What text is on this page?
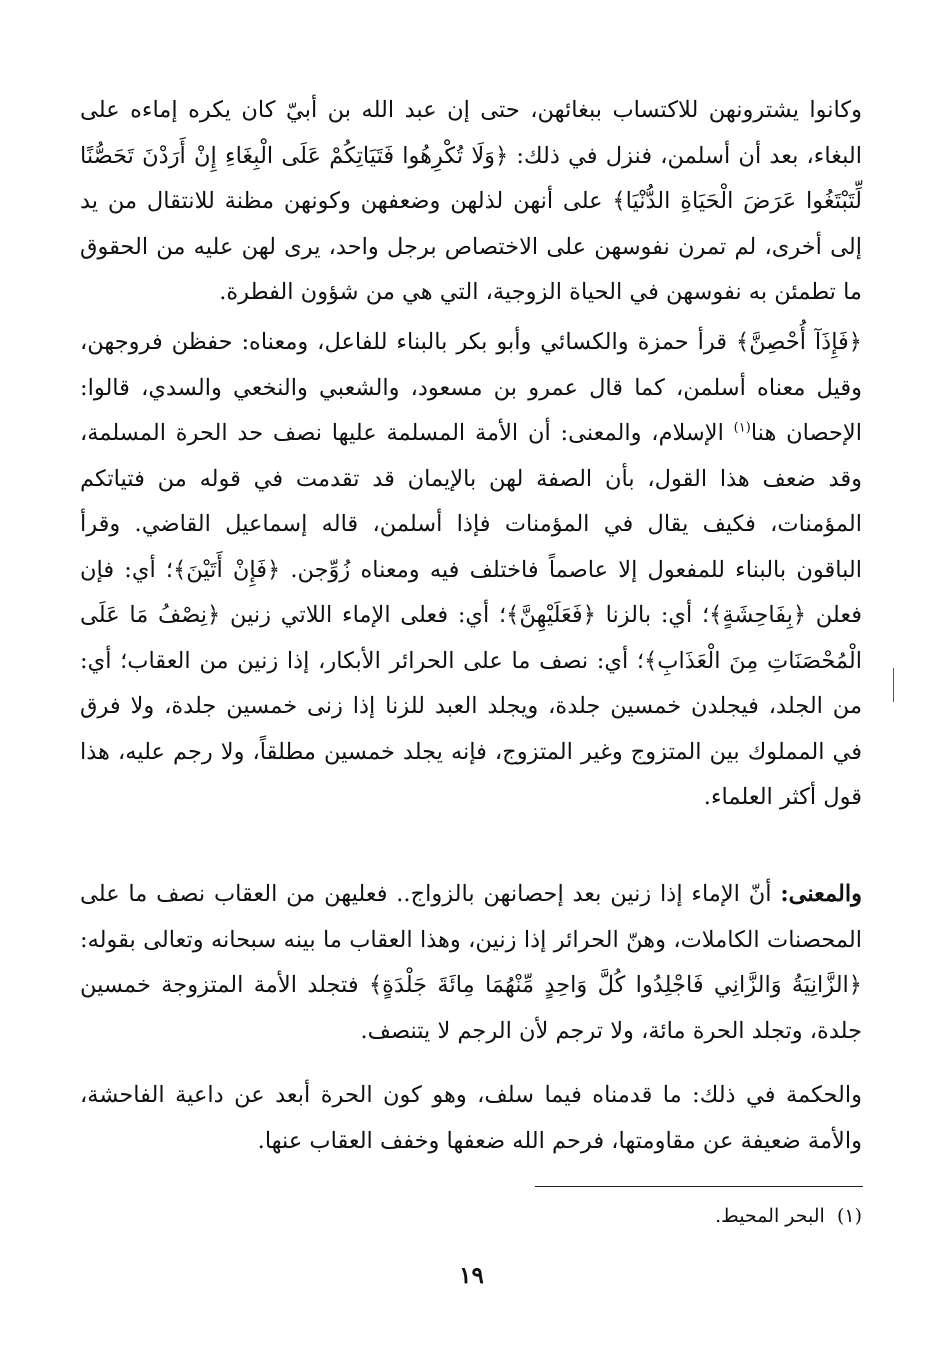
وكانوا يشترونهن للاكتساب ببغائهن، حتى إن عبد الله بن أبيّ كان يكره إماءه على البغاء، بعد أن أسلمن، فنزل في ذلك: ﴿وَلَا تُكْرِهُوا فَتَيَاتِكُمْ عَلَى الْبِغَاءِ إِنْ أَرَدْنَ تَحَصُّنًا لِّتَبْتَغُوا عَرَضَ الْحَيَاةِ الدُّنْيَا﴾ على أنهن لذلهن وضعفهن وكونهن مظنة للانتقال من يد إلى أخرى، لم تمرن نفوسهن على الاختصاص برجل واحد، يرى لهن عليه من الحقوق ما تطمئن به نفوسهن في الحياة الزوجية، التي هي من شؤون الفطرة.

﴿فَإِذَآ أُحْصِنَّ﴾ قرأ حمزة والكسائي وأبو بكر بالبناء للفاعل، ومعناه: حفظن فروجهن، وقيل معناه أسلمن، كما قال عمرو بن مسعود، والشعبي والنخعي والسدي، قالوا: الإحصان هنا$^{(١)}$ الإسلام، والمعنى: أن الأمة المسلمة عليها نصف حد الحرة المسلمة، وقد ضعف هذا القول، بأن الصفة لهن بالإيمان قد تقدمت في قوله من فتياتكم المؤمنات، فكيف يقال في المؤمنات فإذا أسلمن، قاله إسماعيل القاضي. وقرأ الباقون بالبناء للمفعول إلا عاصماً فاختلف فيه ومعناه زُوِّجن. ﴿فَإِنْ أَتَيْنَ﴾؛ أي: فإن فعلن ﴿بِفَاحِشَةٍ﴾؛ أي: بالزنا ﴿فَعَلَيْهِنَّ﴾؛ أي: فعلى الإماء اللاتي زنين ﴿نِصْفُ مَا عَلَى الْمُحْصَنَاتِ مِنَ الْعَذَابِ﴾؛ أي: نصف ما على الحرائر الأبكار، إذا زنين من العقاب؛ أي: من الجلد، فيجلدن خمسين جلدة، ويجلد العبد للزنا إذا زنى خمسين جلدة، ولا فرق في المملوك بين المتزوج وغير المتزوج، فإنه يجلد خمسين مطلقاً، ولا رجم عليه، هذا قول أكثر العلماء.

والمعنى: أنّ الإماء إذا زنين بعد إحصانهن بالزواج.. فعليهن من العقاب نصف ما على المحصنات الكاملات، وهنّ الحرائر إذا زنين، وهذا العقاب ما بينه سبحانه وتعالى بقوله: ﴿الزَّانِيَةُ وَالزَّانِي فَاجْلِدُوا كُلَّ وَاحِدٍ مِّنْهُمَا مِائَةَ جَلْدَةٍ﴾ فتجلد الأمة المتزوجة خمسين جلدة، وتجلد الحرة مائة، ولا ترجم لأن الرجم لا يتنصف.

والحكمة في ذلك: ما قدمناه فيما سلف، وهو كون الحرة أبعد عن داعية الفاحشة، والأمة ضعيفة عن مقاومتها، فرحم الله ضعفها وخفف العقاب عنها.

(١)  البحر المحيط.
١٩
